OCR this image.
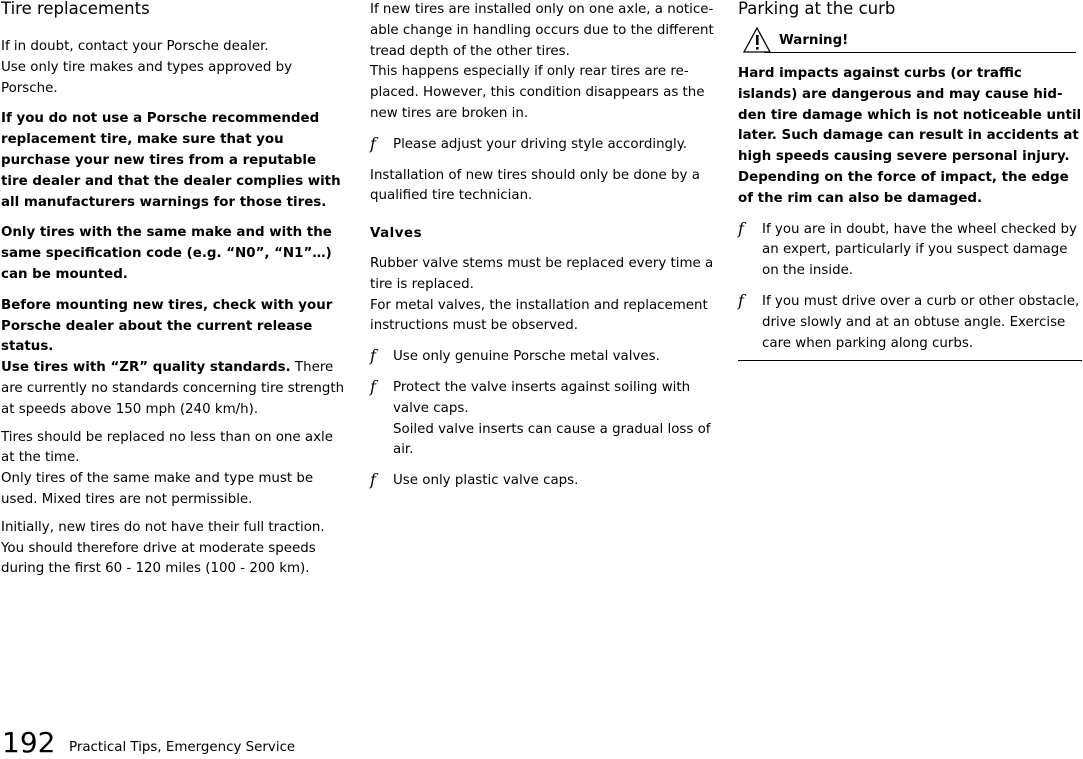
Tire replacements

If in doubt, contact your Porsche dealer.

Use only tire makes and types approved by Porsche.

If you do not use a Porsche recommended replacement tire, make sure that you purchase your new tires from a reputable tire dealer and that the dealer complies with all manufacturers warnings for those tires.

Only tires with the same make and with the same specification code (e.g. “N0”, “N1”…) can be mounted.

Before mounting new tires, check with your Porsche dealer about the current release status.

Use tires with “ZR” quality standards. There are currently no standards concerning tire strength at speeds above 150 mph (240 km/h).

Tires should be replaced no less than on one axle at the time.

Only tires of the same make and type must be used. Mixed tires are not permissible.

Initially, new tires do not have their full traction. You should therefore drive at moderate speeds during the first 60 - 120 miles (100 - 200 km).

If new tires are installed only on one axle, a noticeable change in handling occurs due to the different tread depth of the other tires.

This happens especially if only rear tires are replaced. However, this condition disappears as the new tires are broken in.

f Please adjust your driving style accordingly.

Installation of new tires should only be done by a qualified tire technician.

Valves

Rubber valve stems must be replaced every time a tire is replaced.

For metal valves, the installation and replacement instructions must be observed.

f Use only genuine Porsche metal valves.
f Protect the valve inserts against soiling with valve caps.
Soiled valve inserts can cause a gradual loss of air.
f Use only plastic valve caps.
Parking at the curb
Warning!

Hard impacts against curbs (or traffic islands) are dangerous and may cause hidden tire damage which is not noticeable until later. Such damage can result in accidents at high speeds causing severe personal injury. Depending on the force of impact, the edge of the rim can also be damaged.

f If you are in doubt, have the wheel checked by an expert, particularly if you suspect damage on the inside.
f If you must drive over a curb or other obstacle, drive slowly and at an obtuse angle. Exercise care when parking along curbs.
192 Practical Tips, Emergency Service
